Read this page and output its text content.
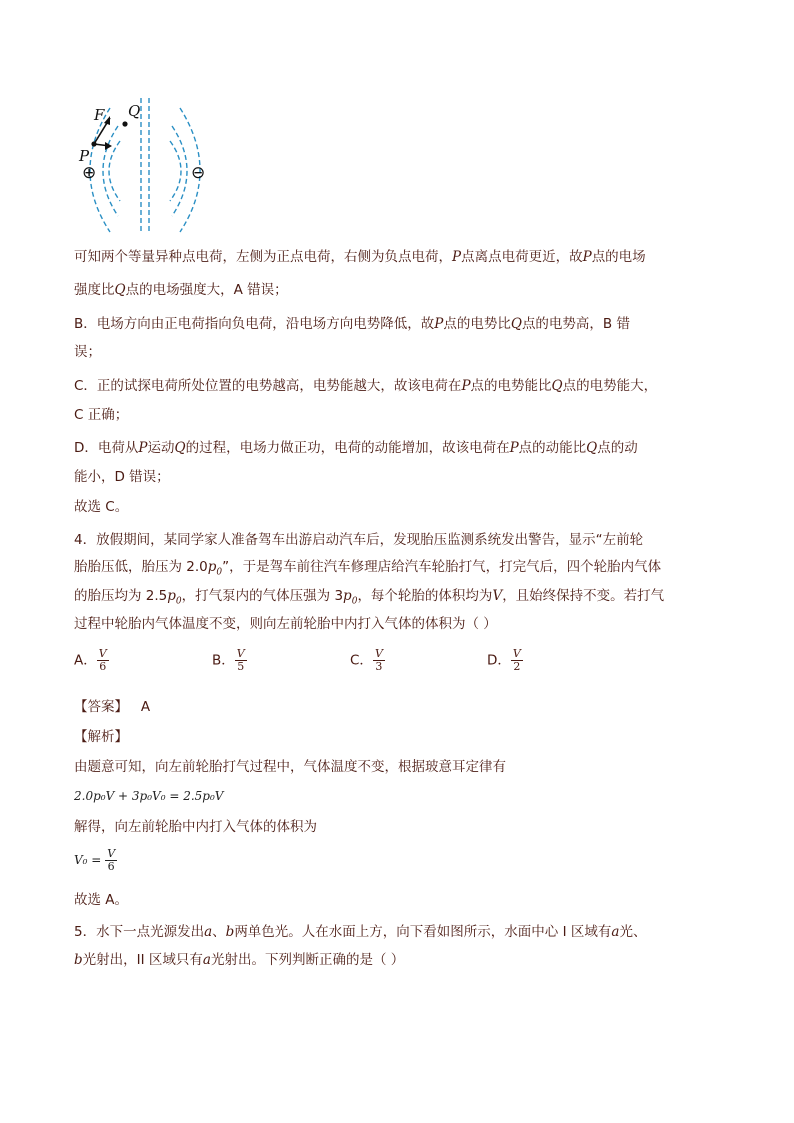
F Q
P
⊕	⊖
可知两个等量异种点电荷，左侧为正点电荷，右侧为负点电荷，P点离点电荷更近，故P点的电场
强度比Q点的电场强度大，A 错误；
B．电场方向由正电荷指向负电荷，沿电场方向电势降低，故P点的电势比Q点的电势高，B 错
误；
C．正的试探电荷所处位置的电势越高，电势能越大，故该电荷在P点的电势能比Q点的电势能大，
C 正确；
D．电荷从P运动Q的过程，电场力做正功，电荷的动能增加，故该电荷在P点的动能比Q点的动
能小，D 错误；
故选 C。
4．放假期间，某同学家人准备驾车出游启动汽车后，发现胎压监测系统发出警告，显示“左前轮
胎胎压低，胎压为 $2.0p_0$”，于是驾车前往汽车修理店给汽车轮胎打气，打完气后，四个轮胎内气体
的胎压均为 $2.5p_0$，打气泵内的气体压强为 $3p_0$，每个轮胎的体积均为V，且始终保持不变。若打气
过程中轮胎内气体温度不变，则向左前轮胎中内打入气体的体积为（ ）
A． $\frac{V}{6}$	B． $\frac{V}{5}$	C． $\frac{V}{3}$	D． $\frac{V}{2}$
【答案】 A
【解析】
由题意可知，向左前轮胎打气过程中，气体温度不变，根据玻意耳定律有
2.0p₀V + 3p₀V₀ = 2.5p₀V
解得，向左前轮胎中内打入气体的体积为
$V_0 = \frac{V}{6}$
故选 A。
5．水下一点光源发出a、b两单色光。人在水面上方，向下看如图所示，水面中心 I 区域有a光、
b光射出，II 区域只有a光射出。下列判断正确的是（ ）
